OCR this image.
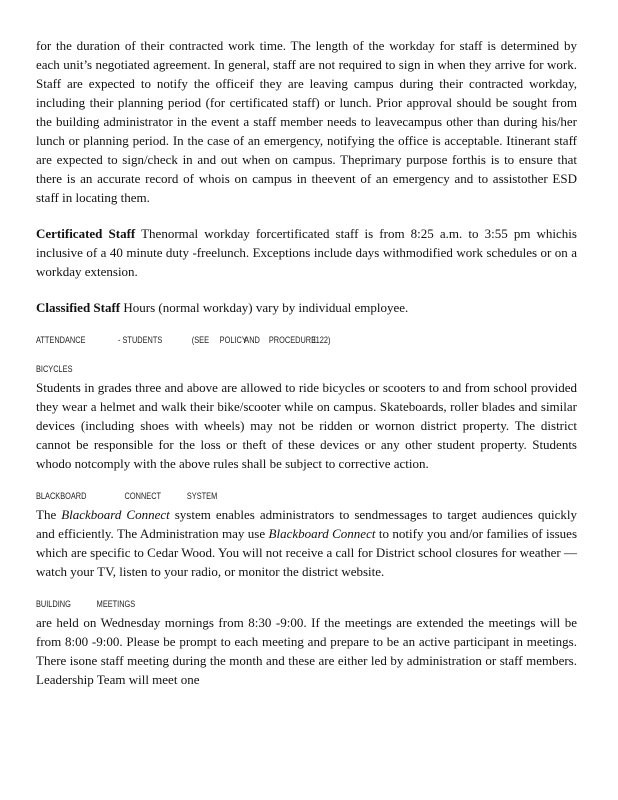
for the duration of their contracted work time. The length of the workday for staff is determined by each unit’s negotiated agreement. In general, staff are not required to sign in when they arrive for work. Staff are expected to notify the officeif they are leaving campus during their contracted workday, including their planning period (for certificated staff) or lunch. Prior approval should be sought from the building administrator in the event a staff member needs to leavecampus other than during his/her lunch or planning period. In the case of an emergency, notifying the office is acceptable. Itinerant staff are expected to sign/check in and out when on campus. Theprimary purpose forthis is to ensure that there is an accurate record of whois on campus in theevent of an emergency and to assistother ESD staff in locating them.

Certificated Staff Thenormal workday forcertificated staff is from 8:25 a.m. to 3:55 pm whichis inclusive of a 40 minute duty -freelunch. Exceptions include days withmodified work schedules or on a workday extension.

Classified Staff Hours (normal workday) vary by individual employee.

ATTENDANCE	- STUDENTS	(SEE POLICYAND PROCEDURE3122)
BICYCLES

Students in grades three and above are allowed to ride bicycles or scooters to and from school provided they wear a helmet and walk their bike/scooter while on campus. Skateboards, roller blades and similar devices (including shoes with wheels) may not be ridden or wornon district property. The district cannot be responsible for the loss or theft of these devices or any other student property. Students whodo notcomply with the above rules shall be subject to corrective action.

BLACKBOARD	CONNECT	SYSTEM

The Blackboard Connect system enables administrators to sendmessages to target audiences quickly and efficiently. The Administration may use Blackboard Connect to notify you and/or families of issues which are specific to Cedar Wood. You will not receive a call for District school closures for weather —watch your TV, listen to your radio, or monitor the district website.

BUILDING	MEETINGS

are held on Wednesday mornings from 8:30 -9:00. If the meetings are extended the meetings will be from 8:00 -9:00. Please be prompt to each meeting and prepare to be an active participant in meetings. There isone staff meeting during the month and these are either led by administration or staff members. Leadership Team will meet one
